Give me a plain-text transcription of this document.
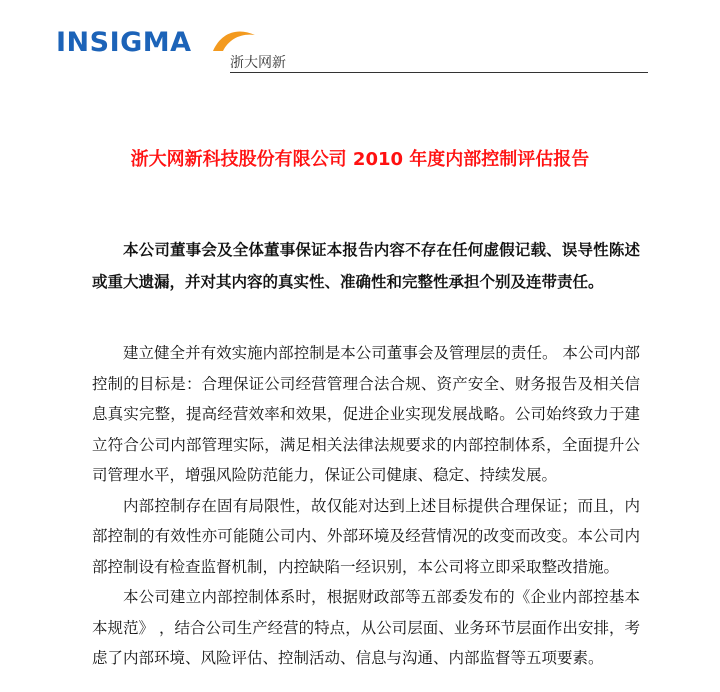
INSIGMA
浙大网新
浙大网新科技股份有限公司 2010 年度内部控制评估报告

本公司董事会及全体董事保证本报告内容不存在任何虚假记载、误导性陈述或重大遗漏，并对其内容的真实性、准确性和完整性承担个别及连带责任。

建立健全并有效实施内部控制是本公司董事会及管理层的责任。 本公司内部控制的目标是：合理保证公司经营管理合法合规、资产安全、财务报告及相关信息真实完整，提高经营效率和效果，促进企业实现发展战略。公司始终致力于建立符合公司内部管理实际，满足相关法律法规要求的内部控制体系，全面提升公司管理水平，增强风险防范能力，保证公司健康、稳定、持续发展。

内部控制存在固有局限性，故仅能对达到上述目标提供合理保证；而且，内部控制的有效性亦可能随公司内、外部环境及经营情况的改变而改变。本公司内部控制设有检查监督机制，内控缺陷一经识别，本公司将立即采取整改措施。

本公司建立内部控制体系时，根据财政部等五部委发布的《企业内部控基本本规范》 ，结合公司生产经营的特点，从公司层面、业务环节层面作出安排，考虑了内部环境、风险评估、控制活动、信息与沟通、内部监督等五项要素。
